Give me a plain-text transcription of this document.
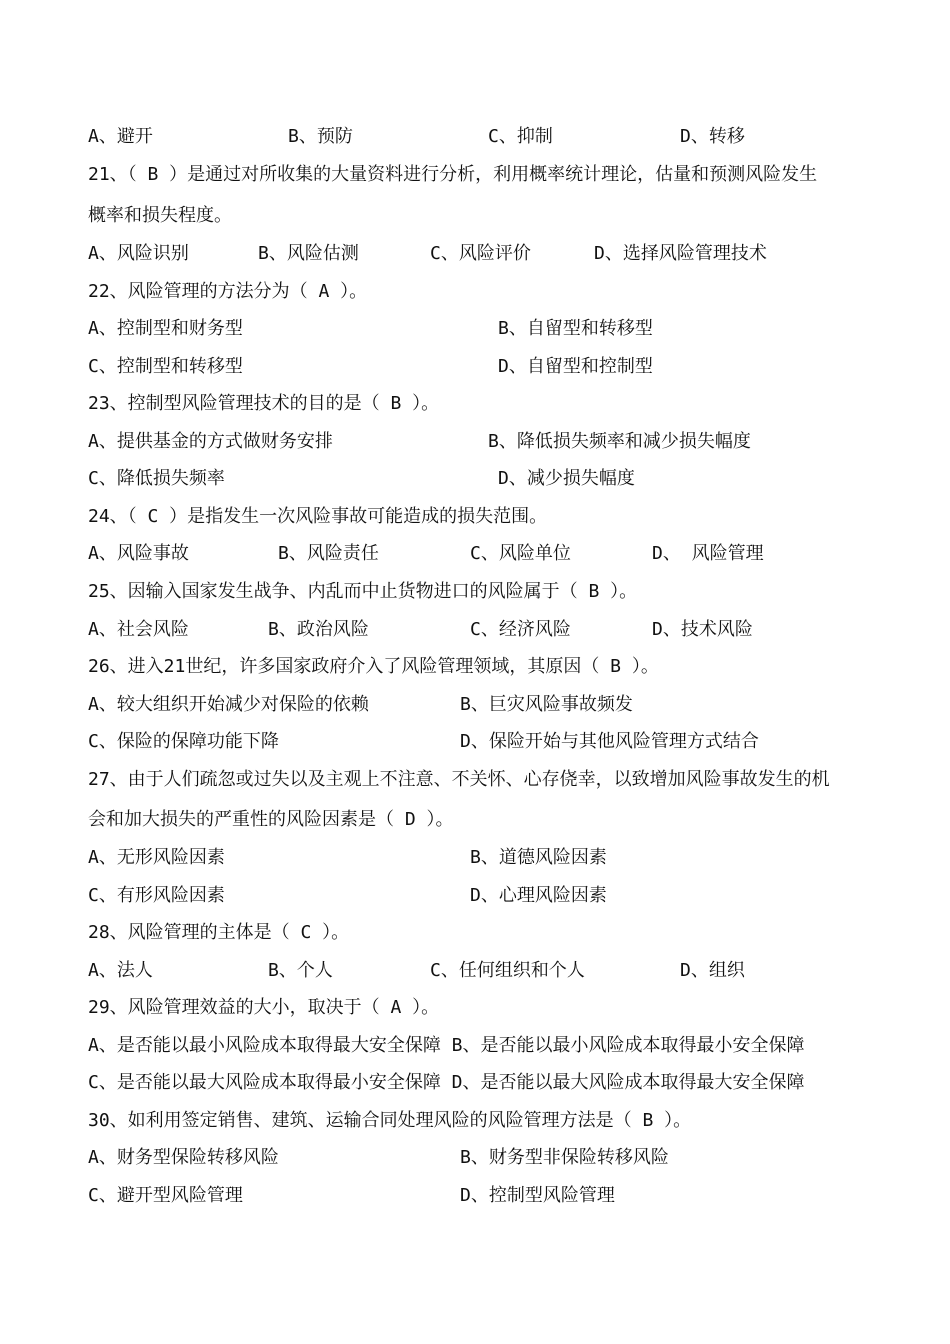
A、避开	B、预防	C、抑制	D、转移
21、（ B ）是通过对所收集的大量资料进行分析，利用概率统计理论，估量和预测风险发生
概率和损失程度。
A、风险识别	B、风险估测	C、风险评价	D、选择风险管理技术
22、风险管理的方法分为（ A ）。
A、控制型和财务型	B、自留型和转移型
C、控制型和转移型	D、自留型和控制型
23、控制型风险管理技术的目的是（ B ）。
A、提供基金的方式做财务安排	B、降低损失频率和减少损失幅度
C、降低损失频率	D、减少损失幅度
24、（ C ）是指发生一次风险事故可能造成的损失范围。
A、风险事故	B、风险责任	C、风险单位	D、 风险管理
25、因输入国家发生战争、内乱而中止货物进口的风险属于（ B ）。
A、社会风险	B、政治风险	C、经济风险	D、技术风险
26、进入21世纪，许多国家政府介入了风险管理领域，其原因（ B ）。
A、较大组织开始减少对保险的依赖	B、巨灾风险事故频发
C、保险的保障功能下降	D、保险开始与其他风险管理方式结合
27、由于人们疏忽或过失以及主观上不注意、不关怀、心存侥幸，以致增加风险事故发生的机
会和加大损失的严重性的风险因素是（ D ）。
A、无形风险因素	B、道德风险因素
C、有形风险因素	D、心理风险因素
28、风险管理的主体是（ C ）。
A、法人	B、个人	C、任何组织和个人	D、组织
29、风险管理效益的大小，取决于（ A ）。
A、是否能以最小风险成本取得最大安全保障 B、是否能以最小风险成本取得最小安全保障
C、是否能以最大风险成本取得最小安全保障 D、是否能以最大风险成本取得最大安全保障
30、如利用签定销售、建筑、运输合同处理风险的风险管理方法是（ B ）。
A、财务型保险转移风险	B、财务型非保险转移风险
C、避开型风险管理	D、控制型风险管理
